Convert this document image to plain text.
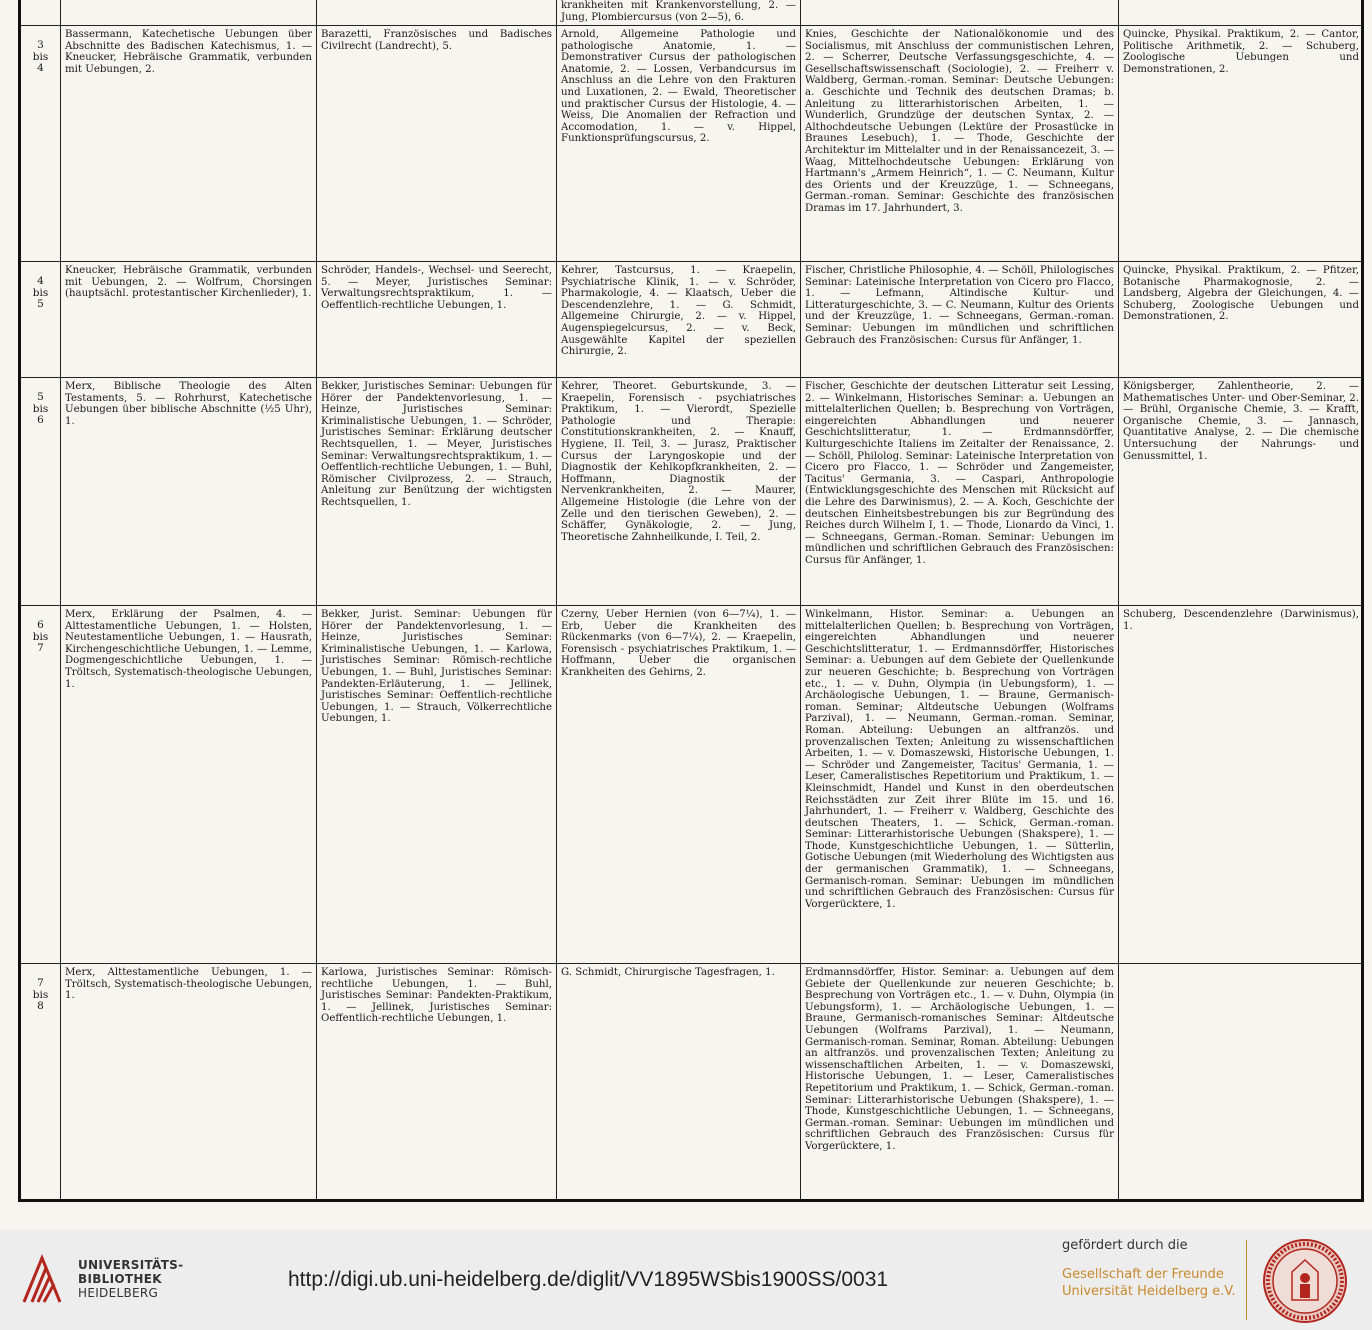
krankheiten mit Krankenvorstellung, 2. — Jung, Plombiercursus (von 2—5), 6.
3
bis
4
Bassermann, Katechetische Uebungen über Abschnitte des Badischen Katechismus, 1. — Kneucker, Hebräische Grammatik, verbunden mit Uebungen, 2.
Barazetti, Französisches und Badisches Civilrecht (Landrecht), 5.
Arnold, Allgemeine Pathologie und pathologische Anatomie, 1. — Demonstrativer Cursus der pathologischen Anatomie, 2. — Lossen, Verbandcursus im Anschluss an die Lehre von den Frakturen und Luxationen, 2. — Ewald, Theoretischer und praktischer Cursus der Histologie, 4. — Weiss, Die Anomalien der Refraction und Accomodation, 1. — v. Hippel, Funktionsprüfungscursus, 2.
Knies, Geschichte der Nationalökonomie und des Socialismus, mit Anschluss der communistischen Lehren, 2. — Scherrer, Deutsche Verfassungsgeschichte, 4. — Gesellschaftswissenschaft (Sociologie), 2. — Freiherr v. Waldberg, German.-roman. Seminar: Deutsche Uebungen: a. Geschichte und Technik des deutschen Dramas; b. Anleitung zu litterarhistorischen Arbeiten, 1. — Wunderlich, Grundzüge der deutschen Syntax, 2. — Althochdeutsche Uebungen (Lektüre der Prosastücke in Braunes Lesebuch), 1. — Thode, Geschichte der Architektur im Mittelalter und in der Renaissancezeit, 3. — Waag, Mittelhochdeutsche Uebungen: Erklärung von Hartmann's „Armem Heinrich“, 1. — C. Neumann, Kultur des Orients und der Kreuzzüge, 1. — Schneegans, German.-roman. Seminar: Geschichte des französischen Dramas im 17. Jahrhundert, 3.
Quincke, Physikal. Praktikum, 2. — Cantor, Politische Arithmetik, 2. — Schuberg, Zoologische Uebungen und Demonstrationen, 2.
4
bis
5
Kneucker, Hebräische Grammatik, verbunden mit Uebungen, 2. — Wolfrum, Chorsingen (hauptsächl. protestantischer Kirchenlieder), 1.
Schröder, Handels-, Wechsel- und Seerecht, 5. — Meyer, Juristisches Seminar: Verwaltungsrechtspraktikum, 1. — Oeffentlich-rechtliche Uebungen, 1.
Kehrer, Tastcursus, 1. — Kraepelin, Psychiatrische Klinik, 1. — v. Schröder, Pharmakologie, 4. — Klaatsch, Ueber die Descendenzlehre, 1. — G. Schmidt, Allgemeine Chirurgie, 2. — v. Hippel, Augenspiegelcursus, 2. — v. Beck, Ausgewählte Kapitel der speziellen Chirurgie, 2.
Fischer, Christliche Philosophie, 4. — Schöll, Philologisches Seminar: Lateinische Interpretation von Cicero pro Flacco, 1. — Lefmann, Altindische Kultur- und Litteraturgeschichte, 3. — C. Neumann, Kultur des Orients und der Kreuzzüge, 1. — Schneegans, German.-roman. Seminar: Uebungen im mündlichen und schriftlichen Gebrauch des Französischen: Cursus für Anfänger, 1.
Quincke, Physikal. Praktikum, 2. — Pfitzer, Botanische Pharmakognosie, 2. — Landsberg, Algebra der Gleichungen, 4. — Schuberg, Zoologische Uebungen und Demonstrationen, 2.
5
bis
6
Merx, Biblische Theologie des Alten Testaments, 5. — Rohrhurst, Katechetische Uebungen über biblische Abschnitte (½5 Uhr), 1.
Bekker, Juristisches Seminar: Uebungen für Hörer der Pandektenvorlesung, 1. — Heinze, Juristisches Seminar: Kriminalistische Uebungen, 1. — Schröder, Juristisches Seminar: Erklärung deutscher Rechtsquellen, 1. — Meyer, Juristisches Seminar: Verwaltungsrechtspraktikum, 1. — Oeffentlich-rechtliche Uebungen, 1. — Buhl, Römischer Civilprozess, 2. — Strauch, Anleitung zur Benützung der wichtigsten Rechtsquellen, 1.
Kehrer, Theoret. Geburtskunde, 3. — Kraepelin, Forensisch - psychiatrisches Praktikum, 1. — Vierordt, Spezielle Pathologie und Therapie: Constitutionskrankheiten, 2. — Knauff, Hygiene, II. Teil, 3. — Jurasz, Praktischer Cursus der Laryngoskopie und der Diagnostik der Kehlkopfkrankheiten, 2. — Hoffmann, Diagnostik der Nervenkrankheiten, 2. — Maurer, Allgemeine Histologie (die Lehre von der Zelle und den tierischen Geweben), 2. — Schäffer, Gynäkologie, 2. — Jung, Theoretische Zahnheilkunde, I. Teil, 2.
Fischer, Geschichte der deutschen Litteratur seit Lessing, 2. — Winkelmann, Historisches Seminar: a. Uebungen an mittelalterlichen Quellen; b. Besprechung von Vorträgen, eingereichten Abhandlungen und neuerer Geschichtslitteratur, 1. — Erdmannsdörffer, Kulturgeschichte Italiens im Zeitalter der Renaissance, 2. — Schöll, Philolog. Seminar: Lateinische Interpretation von Cicero pro Flacco, 1. — Schröder und Zangemeister, Tacitus' Germania, 3. — Caspari, Anthropologie (Entwicklungsgeschichte des Menschen mit Rücksicht auf die Lehre des Darwinismus), 2. — A. Koch, Geschichte der deutschen Einheitsbestrebungen bis zur Begründung des Reiches durch Wilhelm I, 1. — Thode, Lionardo da Vinci, 1. — Schneegans, German.-Roman. Seminar: Uebungen im mündlichen und schriftlichen Gebrauch des Französischen: Cursus für Anfänger, 1.
Königsberger, Zahlentheorie, 2. — Mathematisches Unter- und Ober-Seminar, 2. — Brühl, Organische Chemie, 3. — Krafft, Organische Chemie, 3. — Jannasch, Quantitative Analyse, 2. — Die chemische Untersuchung der Nahrungs- und Genussmittel, 1.
6
bis
7
Merx, Erklärung der Psalmen, 4. — Alttestamentliche Uebungen, 1. — Holsten, Neutestamentliche Uebungen, 1. — Hausrath, Kirchengeschichtliche Uebungen, 1. — Lemme, Dogmengeschichtliche Uebungen, 1. — Tröltsch, Systematisch-theologische Uebungen, 1.
Bekker, Jurist. Seminar: Uebungen für Hörer der Pandektenvorlesung, 1. — Heinze, Juristisches Seminar: Kriminalistische Uebungen, 1. — Karlowa, Juristisches Seminar: Römisch-rechtliche Uebungen, 1. — Buhl, Juristisches Seminar: Pandekten-Erläuterung, 1. — Jellinek, Juristisches Seminar: Oeffentlich-rechtliche Uebungen, 1. — Strauch, Völkerrechtliche Uebungen, 1.
Czerny, Ueber Hernien (von 6—7¼), 1. — Erb, Ueber die Krankheiten des Rückenmarks (von 6—7¼), 2. — Kraepelin, Forensisch - psychiatrisches Praktikum, 1. — Hoffmann, Ueber die organischen Krankheiten des Gehirns, 2.
Winkelmann, Histor. Seminar: a. Uebungen an mittelalterlichen Quellen; b. Besprechung von Vorträgen, eingereichten Abhandlungen und neuerer Geschichtslitteratur, 1. — Erdmannsdörffer, Historisches Seminar: a. Uebungen auf dem Gebiete der Quellenkunde zur neueren Geschichte; b. Besprechung von Vorträgen etc., 1. — v. Duhn, Olympia (in Uebungsform), 1. — Archäologische Uebungen, 1. — Braune, Germanisch-roman. Seminar; Altdeutsche Uebungen (Wolframs Parzival), 1. — Neumann, German.-roman. Seminar, Roman. Abteilung: Uebungen an altfranzös. und provenzalischen Texten; Anleitung zu wissenschaftlichen Arbeiten, 1. — v. Domaszewski, Historische Uebungen, 1. — Schröder und Zangemeister, Tacitus' Germania, 1. — Leser, Cameralistisches Repetitorium und Praktikum, 1. — Kleinschmidt, Handel und Kunst in den oberdeutschen Reichsstädten zur Zeit ihrer Blüte im 15. und 16. Jahrhundert, 1. — Freiherr v. Waldberg, Geschichte des deutschen Theaters, 1. — Schick, German.-roman. Seminar: Litterarhistorische Uebungen (Shakspere), 1. — Thode, Kunstgeschichtliche Uebungen, 1. — Sütterlin, Gotische Uebungen (mit Wiederholung des Wichtigsten aus der germanischen Grammatik), 1. — Schneegans, Germanisch-roman. Seminar: Uebungen im mündlichen und schriftlichen Gebrauch des Französischen: Cursus für Vorgerücktere, 1.
Schuberg, Descendenzlehre (Darwinismus), 1.
7
bis
8
Merx, Alttestamentliche Uebungen, 1. — Tröltsch, Systematisch-theologische Uebungen, 1.
Karlowa, Juristisches Seminar: Römisch-rechtliche Uebungen, 1. — Buhl, Juristisches Seminar: Pandekten-Praktikum, 1. — Jellinek, Juristisches Seminar: Oeffentlich-rechtliche Uebungen, 1.
G. Schmidt, Chirurgische Tagesfragen, 1.	Erdmannsdörffer, Histor. Seminar: a. Uebungen auf dem Gebiete der Quellenkunde zur neueren Geschichte; b. Besprechung von Vorträgen etc., 1. — v. Duhn, Olympia (in Uebungsform), 1. — Archäologische Uebungen, 1. — Braune, Germanisch-romanisches Seminar: Altdeutsche Uebungen (Wolframs Parzival), 1. — Neumann, Germanisch-roman. Seminar, Roman. Abteilung: Uebungen an altfranzös. und provenzalischen Texten; Anleitung zu wissenschaftlichen Arbeiten, 1. — v. Domaszewski, Historische Uebungen, 1. — Leser, Cameralistisches Repetitorium und Praktikum, 1. — Schick, German.-roman. Seminar: Litterarhistorische Uebungen (Shakspere), 1. — Thode, Kunstgeschichtliche Uebungen, 1. — Schneegans, German.-roman. Seminar: Uebungen im mündlichen und schriftlichen Gebrauch des Französischen: Cursus für Vorgerücktere, 1.
UNIVERSITÄTS-
BIBLIOTHEK
HEIDELBERG
http://digi.ub.uni-heidelberg.de/diglit/VV1895WSbis1900SS/0031
gefördert durch die
Gesellschaft der Freunde
Universität Heidelberg e.V.
